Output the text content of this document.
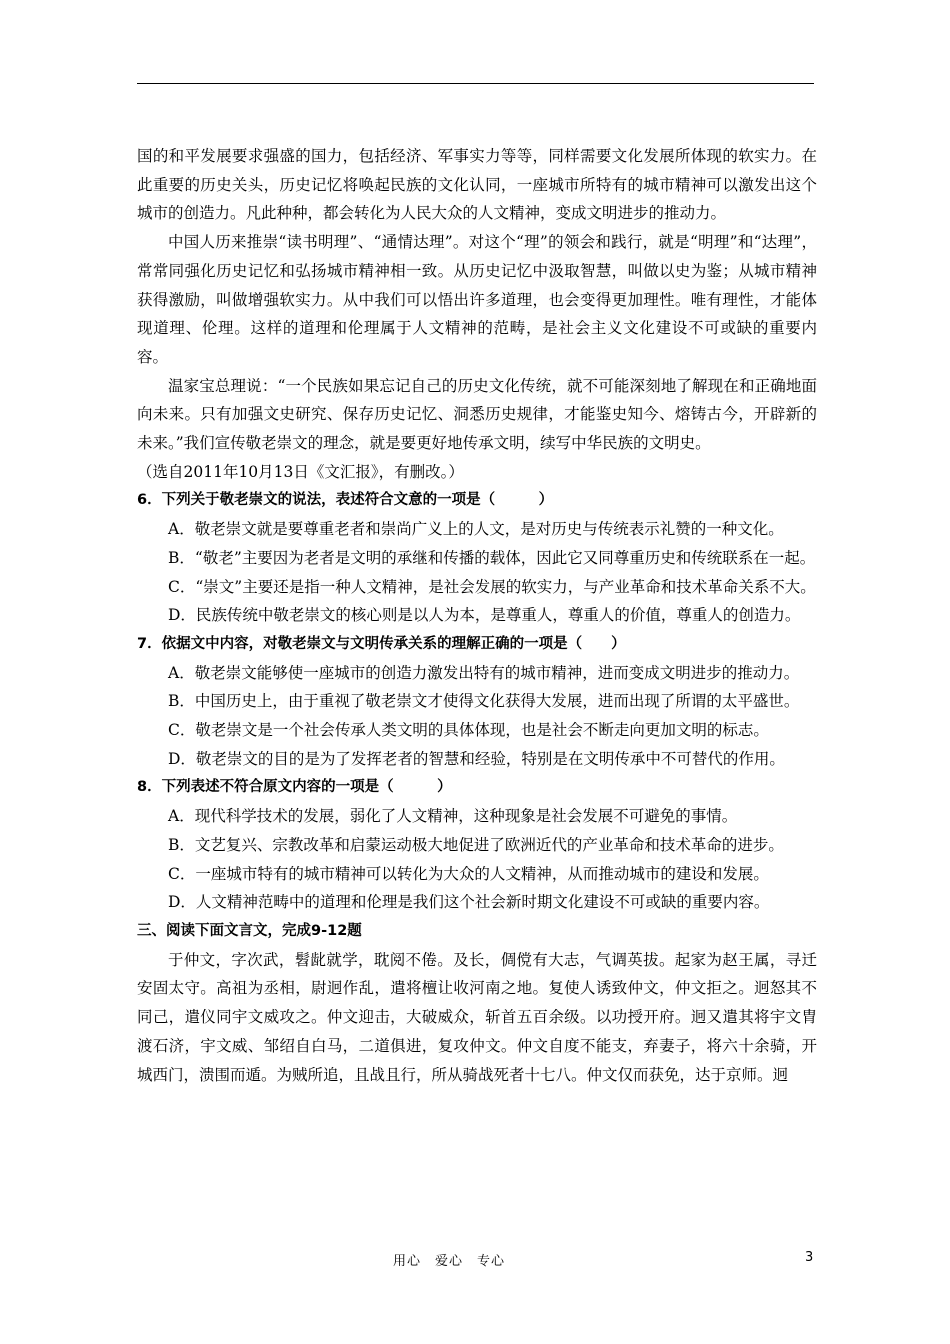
国的和平发展要求强盛的国力，包括经济、军事实力等等，同样需要文化发展所体现的软实力。在此重要的历史关头，历史记忆将唤起民族的文化认同，一座城市所特有的城市精神可以激发出这个城市的创造力。凡此种种，都会转化为人民大众的人文精神，变成文明进步的推动力。

中国人历来推崇“读书明理”、“通情达理”。对这个“理”的领会和践行，就是“明理”和“达理”，常常同强化历史记忆和弘扬城市精神相一致。从历史记忆中汲取智慧，叫做以史为鉴；从城市精神获得激励，叫做增强软实力。从中我们可以悟出许多道理，也会变得更加理性。唯有理性，才能体现道理、伦理。这样的道理和伦理属于人文精神的范畴，是社会主义文化建设不可或缺的重要内容。

温家宝总理说：“一个民族如果忘记自己的历史文化传统，就不可能深刻地了解现在和正确地面向未来。只有加强文史研究、保存历史记忆、洞悉历史规律，才能鉴史知今、熔铸古今，开辟新的未来。”我们宣传敬老崇文的理念，就是要更好地传承文明，续写中华民族的文明史。

（选自2011年10月13日《文汇报》，有删改。）

6．下列关于敬老崇文的说法，表述符合文意的一项是（　　　）

A．敬老崇文就是要尊重老者和崇尚广义上的人文，是对历史与传统表示礼赞的一种文化。

B．“敬老”主要因为老者是文明的承继和传播的载体，因此它又同尊重历史和传统联系在一起。

C．“崇文”主要还是指一种人文精神，是社会发展的软实力，与产业革命和技术革命关系不大。

D．民族传统中敬老崇文的核心则是以人为本，是尊重人，尊重人的价值，尊重人的创造力。

7．依据文中内容，对敬老崇文与文明传承关系的理解正确的一项是（　　）

A．敬老崇文能够使一座城市的创造力激发出特有的城市精神，进而变成文明进步的推动力。

B．中国历史上，由于重视了敬老崇文才使得文化获得大发展，进而出现了所谓的太平盛世。

C．敬老崇文是一个社会传承人类文明的具体体现，也是社会不断走向更加文明的标志。

D．敬老崇文的目的是为了发挥老者的智慧和经验，特别是在文明传承中不可替代的作用。

8．下列表述不符合原文内容的一项是（　　　）

A．现代科学技术的发展，弱化了人文精神，这种现象是社会发展不可避免的事情。

B．文艺复兴、宗教改革和启蒙运动极大地促进了欧洲近代的产业革命和技术革命的进步。

C．一座城市特有的城市精神可以转化为大众的人文精神，从而推动城市的建设和发展。

D．人文精神范畴中的道理和伦理是我们这个社会新时期文化建设不可或缺的重要内容。

三、阅读下面文言文，完成9-12题

于仲文，字次武，髫龀就学，耽阅不倦。及长，倜傥有大志，气调英拔。起家为赵王属，寻迁安固太守。高祖为丞相，尉迥作乱，遣将檀让收河南之地。复使人诱致仲文，仲文拒之。迥怒其不同己，遣仪同宇文威攻之。仲文迎击，大破威众，斩首五百余级。以功授开府。迥又遣其将宇文胄渡石济，宇文威、邹绍自白马，二道俱进，复攻仲文。仲文自度不能支，弃妻子，将六十余骑，开城西门，溃围而遁。为贼所追，且战且行，所从骑战死者十七八。仲文仅而获免，达于京师。迥

用心　爱心　专心	3
